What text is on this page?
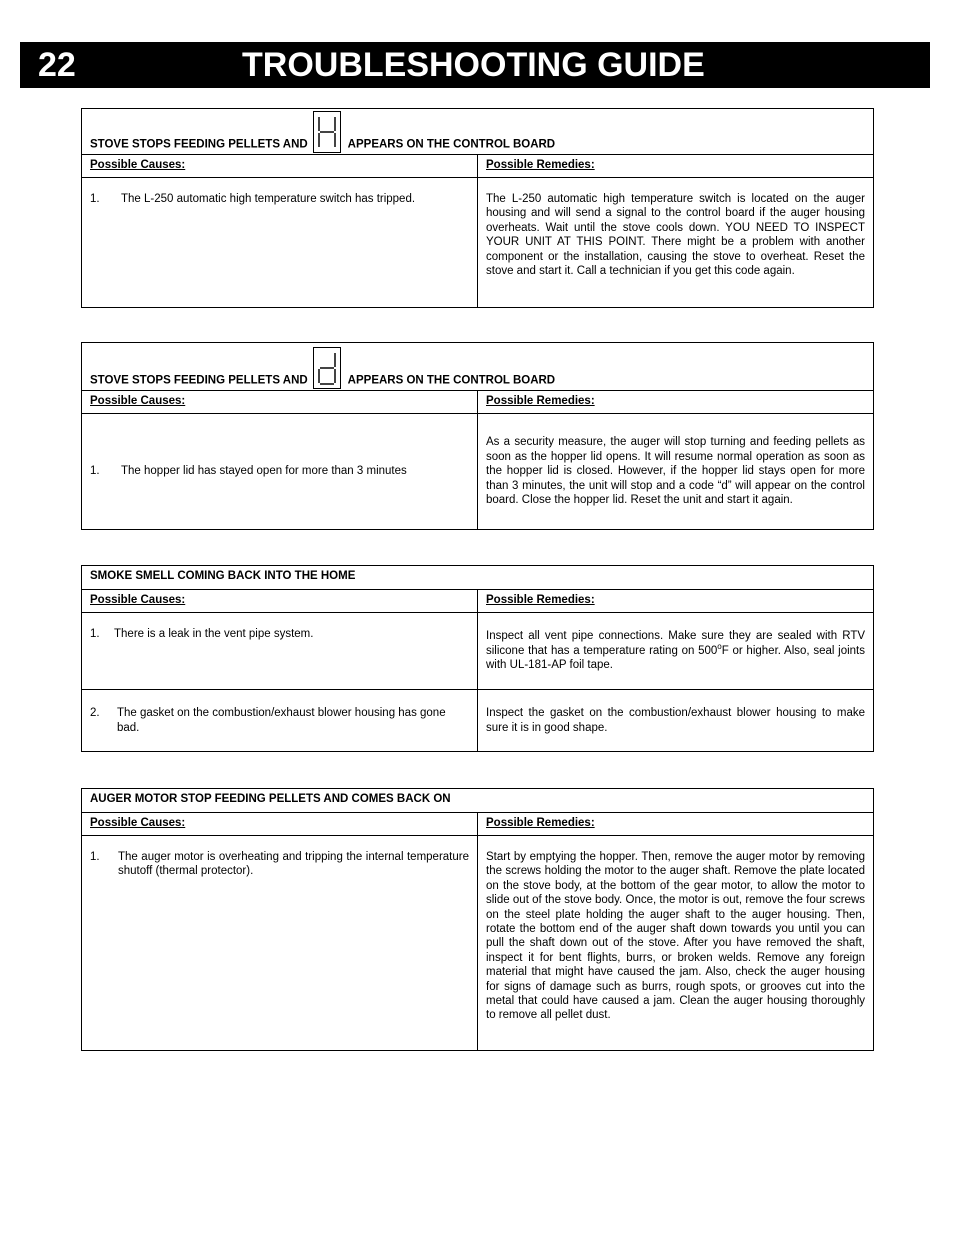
22	TROUBLESHOOTING GUIDE
STOVE STOPS FEEDING PELLETS AND APPEARS ON THE CONTROL BOARD	
Possible Causes:	Possible Remedies:

1. The L-250 automatic high temperature switch has tripped.	The L-250 automatic high temperature switch is located on the auger housing and will send a signal to the control board if the auger housing overheats. Wait until the stove cools down. YOU NEED TO INSPECT YOUR UNIT AT THIS POINT. There might be a problem with another component or the installation, causing the stove to overheat. Reset the stove and start it. Call a technician if you get this code again.
STOVE STOPS FEEDING PELLETS AND APPEARS ON THE CONTROL BOARD	
Possible Causes:	Possible Remedies:

1. The hopper lid has stayed open for more than 3 minutes	As a security measure, the auger will stop turning and feeding pellets as soon as the hopper lid opens. It will resume normal operation as soon as the hopper lid is closed. However, if the hopper lid stays open for more than 3 minutes, the unit will stop and a code “d” will appear on the control board. Close the hopper lid. Reset the unit and start it again.
SMOKE SMELL COMING BACK INTO THE HOME	
Possible Causes:	Possible Remedies:

1. There is a leak in the vent pipe system.	Inspect all vent pipe connections. Make sure they are sealed with RTV silicone that has a temperature rating on 500$^o$F or higher. Also, seal joints with UL-181-AP foil tape.

2. The gasket on the combustion/exhaust blower housing has gone bad.	Inspect the gasket on the combustion/exhaust blower housing to make sure it is in good shape.
AUGER MOTOR STOP FEEDING PELLETS AND COMES BACK ON	
Possible Causes:	Possible Remedies:

1. The auger motor is overheating and tripping the internal temperature shutoff (thermal protector).	Start by emptying the hopper. Then, remove the auger motor by removing the screws holding the motor to the auger shaft. Remove the plate located on the stove body, at the bottom of the gear motor, to allow the motor to slide out of the stove body. Once, the motor is out, remove the four screws on the steel plate holding the auger shaft to the auger housing. Then, rotate the bottom end of the auger shaft down towards you until you can pull the shaft down out of the stove. After you have removed the shaft, inspect it for bent flights, burrs, or broken welds. Remove any foreign material that might have caused the jam. Also, check the auger housing for signs of damage such as burrs, rough spots, or grooves cut into the metal that could have caused a jam. Clean the auger housing thoroughly to remove all pellet dust.
